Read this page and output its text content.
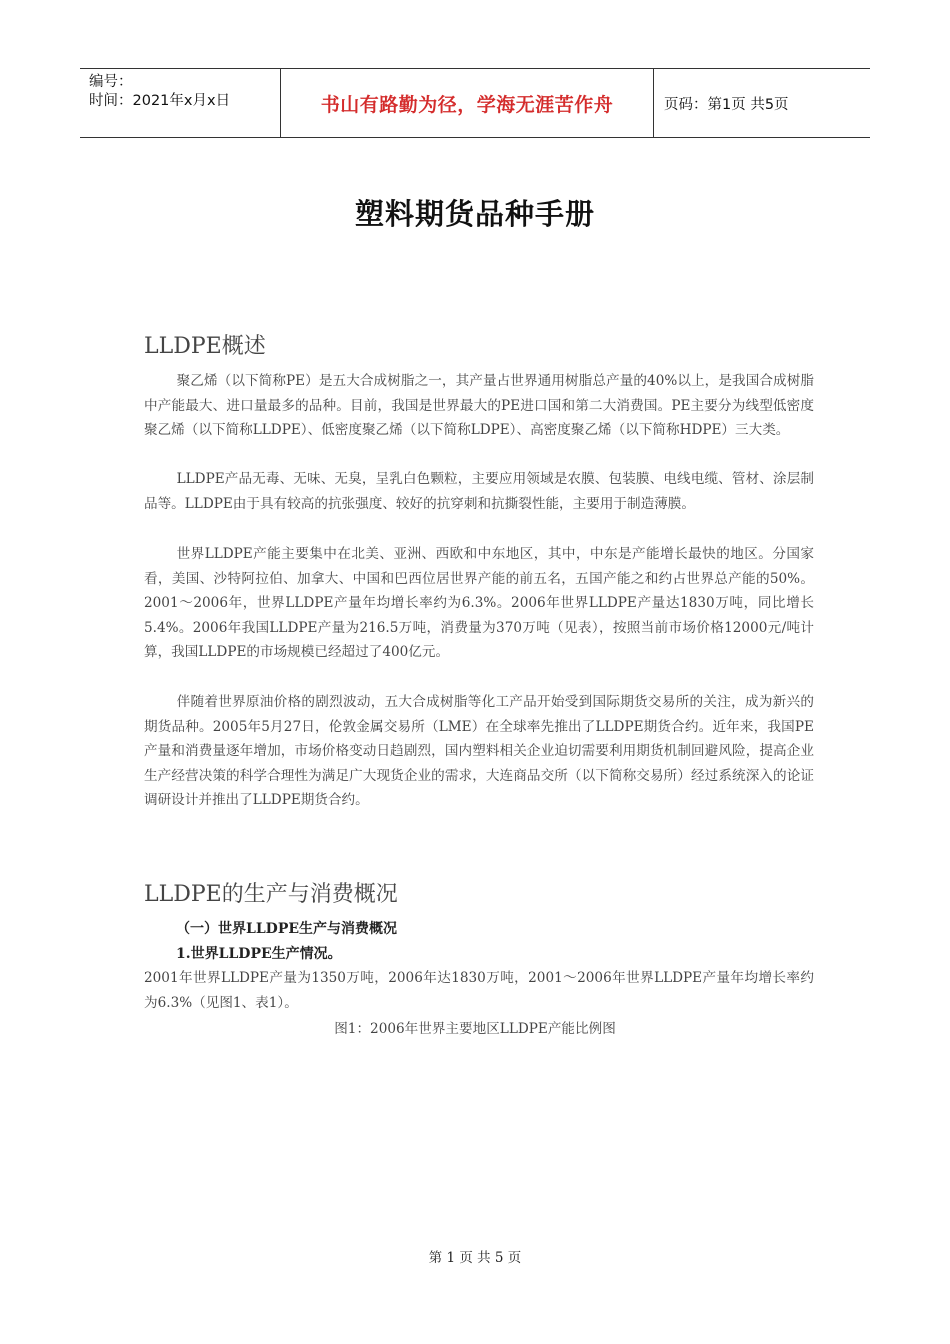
编号：
时间：2021年x月x日	书山有路勤为径，学海无涯苦作舟	页码：第1页 共5页
塑料期货品种手册
LLDPE概述

聚乙烯（以下简称PE）是五大合成树脂之一，其产量占世界通用树脂总产量的40%以上，是我国合成树脂中产能最大、进口量最多的品种。目前，我国是世界最大的PE进口国和第二大消费国。PE主要分为线型低密度聚乙烯（以下简称LLDPE）、低密度聚乙烯（以下简称LDPE）、高密度聚乙烯（以下简称HDPE）三大类。

LLDPE产品无毒、无味、无臭，呈乳白色颗粒，主要应用领域是农膜、包装膜、电线电缆、管材、涂层制品等。LLDPE由于具有较高的抗张强度、较好的抗穿刺和抗撕裂性能，主要用于制造薄膜。

世界LLDPE产能主要集中在北美、亚洲、西欧和中东地区，其中，中东是产能增长最快的地区。分国家看，美国、沙特阿拉伯、加拿大、中国和巴西位居世界产能的前五名，五国产能之和约占世界总产能的50%。2001～2006年，世界LLDPE产量年均增长率约为6.3%。2006年世界LLDPE产量达1830万吨，同比增长5.4%。2006年我国LLDPE产量为216.5万吨，消费量为370万吨（见表），按照当前市场价格12000元/吨计算，我国LLDPE的市场规模已经超过了400亿元。

伴随着世界原油价格的剧烈波动，五大合成树脂等化工产品开始受到国际期货交易所的关注，成为新兴的期货品种。2005年5月27日，伦敦金属交易所（LME）在全球率先推出了LLDPE期货合约。近年来，我国PE产量和消费量逐年增加，市场价格变动日趋剧烈，国内塑料相关企业迫切需要利用期货机制回避风险，提高企业生产经营决策的科学合理性为满足广大现货企业的需求，大连商品交所（以下简称交易所）经过系统深入的论证调研设计并推出了LLDPE期货合约。

LLDPE的生产与消费概况
（一）世界LLDPE生产与消费概况
1.世界LLDPE生产情况。

2001年世界LLDPE产量为1350万吨，2006年达1830万吨，2001～2006年世界LLDPE产量年均增长率约为6.3%（见图1、表1）。

图1：2006年世界主要地区LLDPE产能比例图
第 1 页 共 5 页
